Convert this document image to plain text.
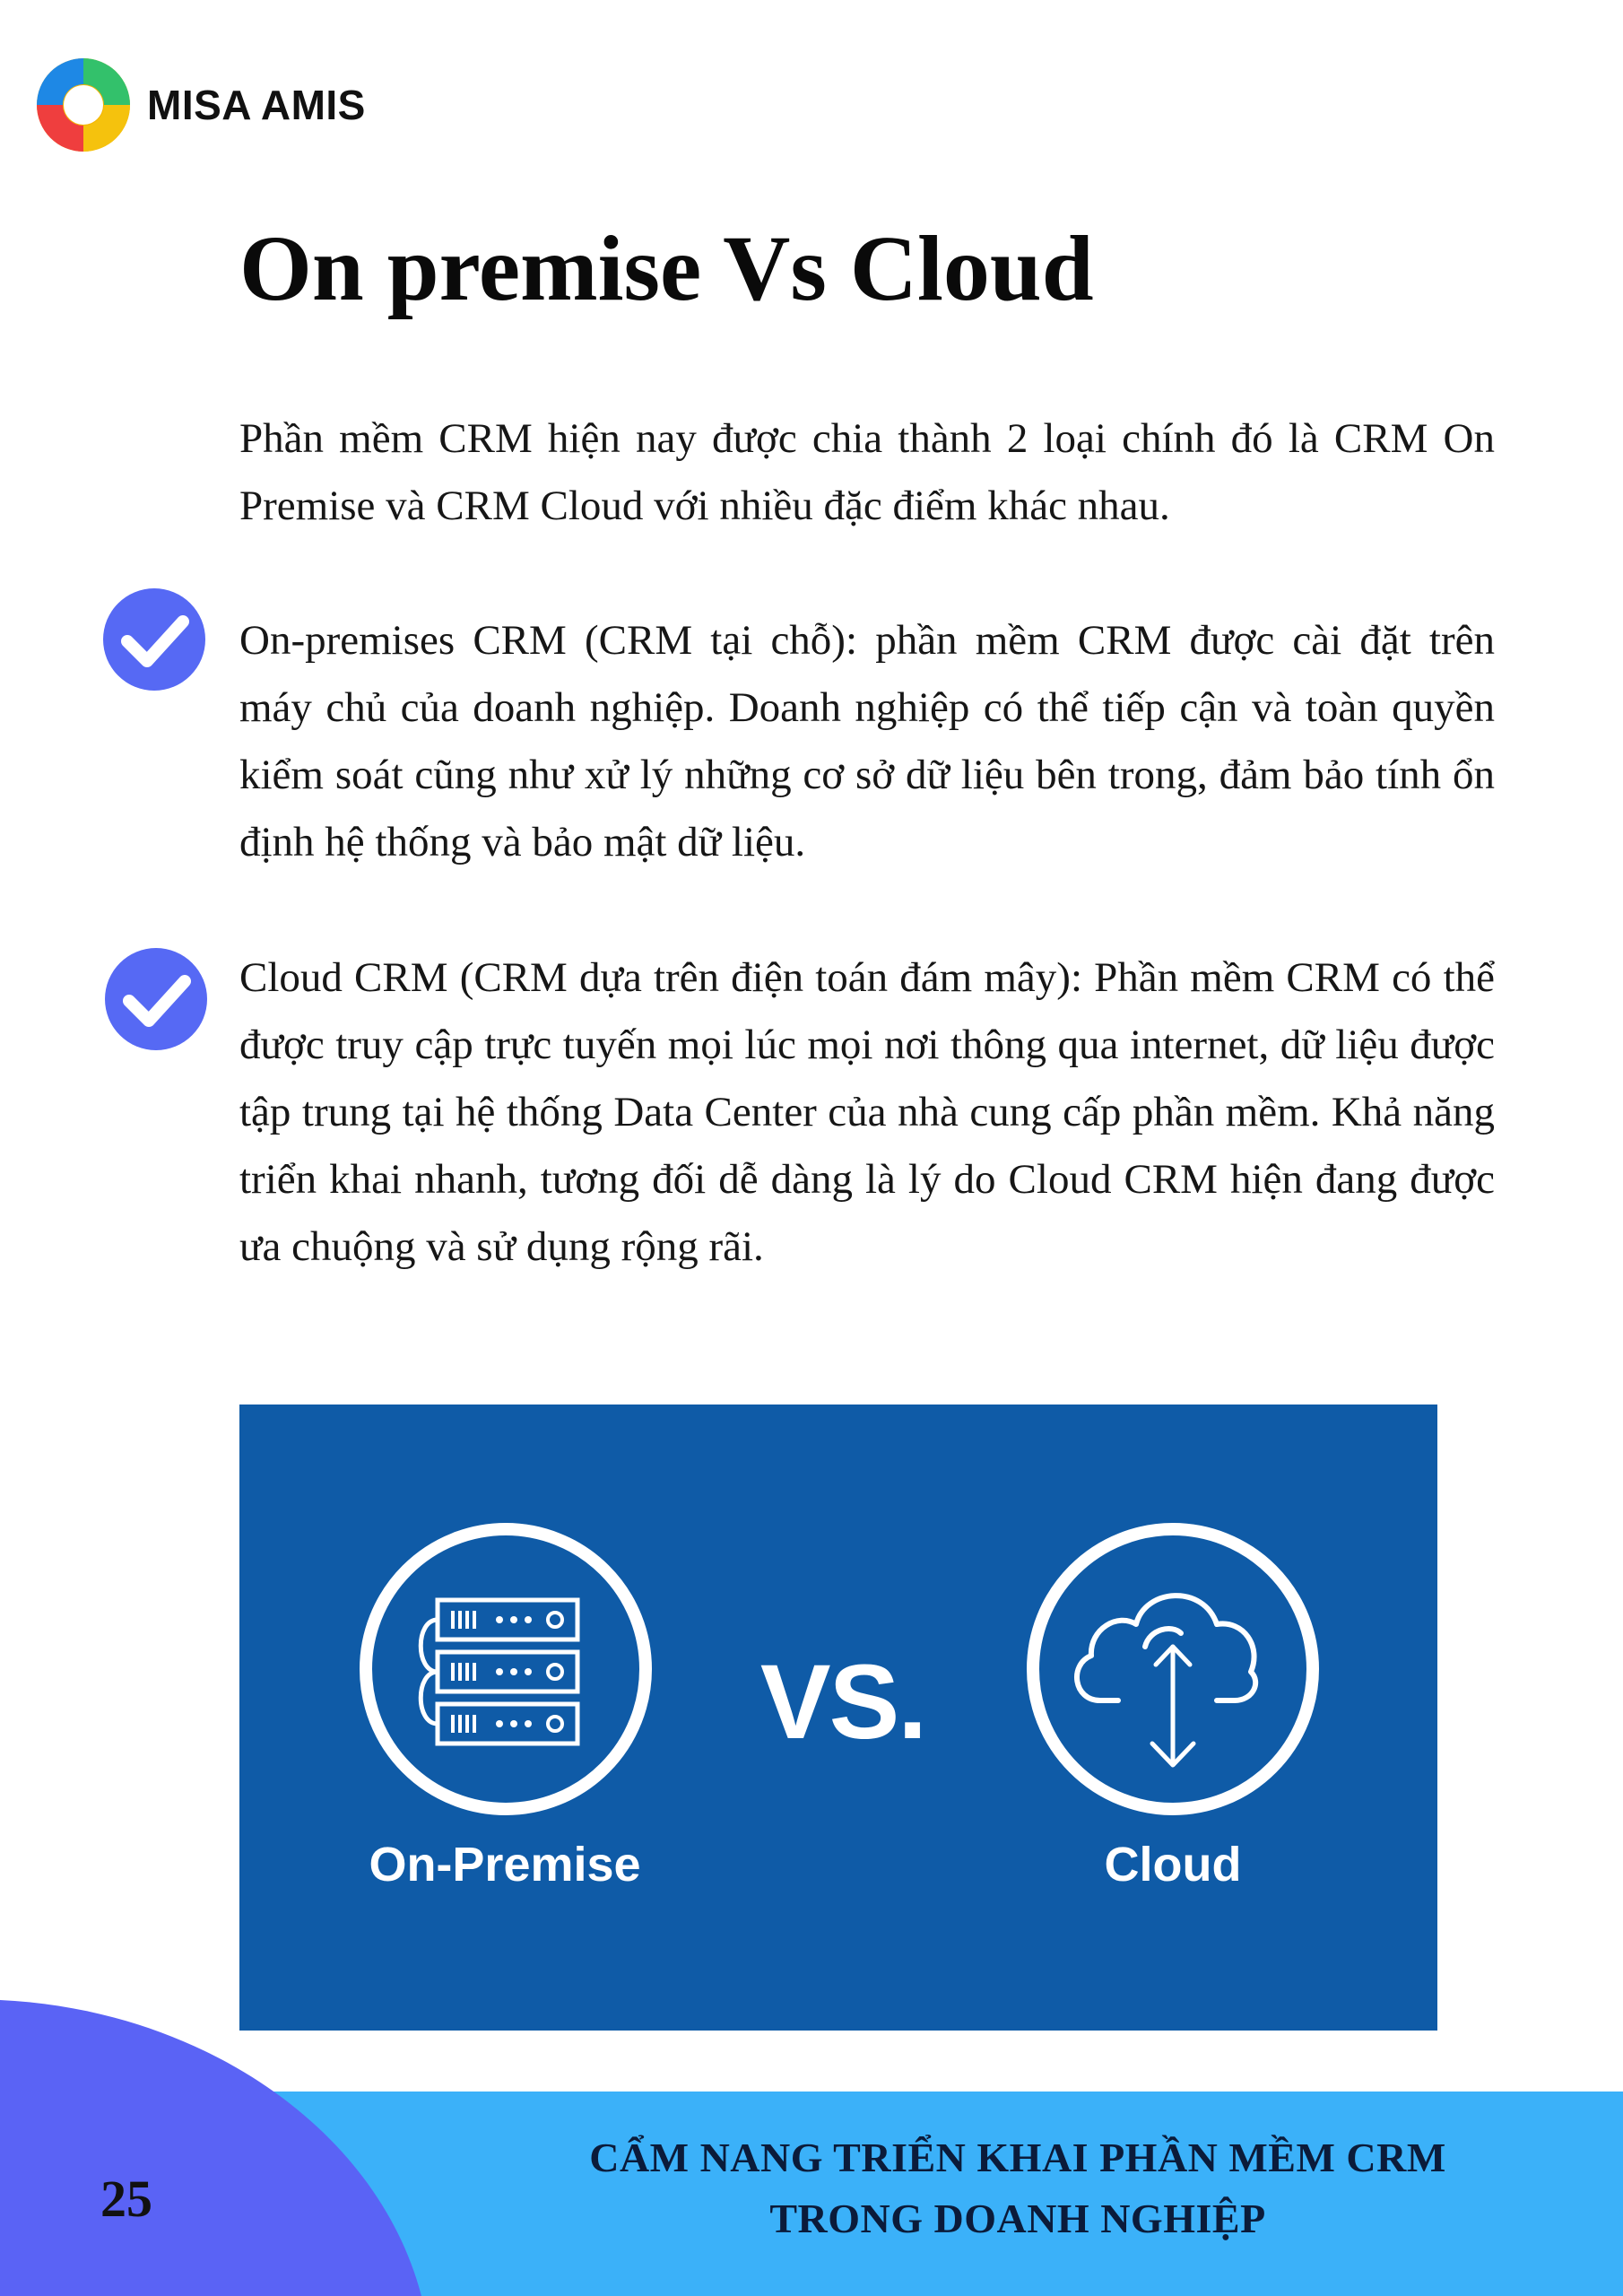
MISA AMIS
On premise Vs Cloud

Phần mềm CRM hiện nay được chia thành 2 loại chính đó là CRM On Premise và CRM Cloud với nhiều đặc điểm khác nhau.

On-premises CRM (CRM tại chỗ): phần mềm CRM được cài đặt trên máy chủ của doanh nghiệp. Doanh nghiệp có thể tiếp cận và toàn quyền kiểm soát cũng như xử lý những cơ sở dữ liệu bên trong, đảm bảo tính ổn định hệ thống và bảo mật dữ liệu.

Cloud CRM (CRM dựa trên điện toán đám mây): Phần mềm CRM có thể được truy cập trực tuyến mọi lúc mọi nơi thông qua internet, dữ liệu được tập trung tại hệ thống Data Center của nhà cung cấp phần mềm. Khả năng triển khai nhanh, tương đối dễ dàng là lý do Cloud CRM hiện đang được ưa chuộng và sử dụng rộng rãi.

VS.
On-Premise	Cloud
25
CẨM NANG TRIỂN KHAI PHẦN MỀM CRM
TRONG DOANH NGHIỆP
